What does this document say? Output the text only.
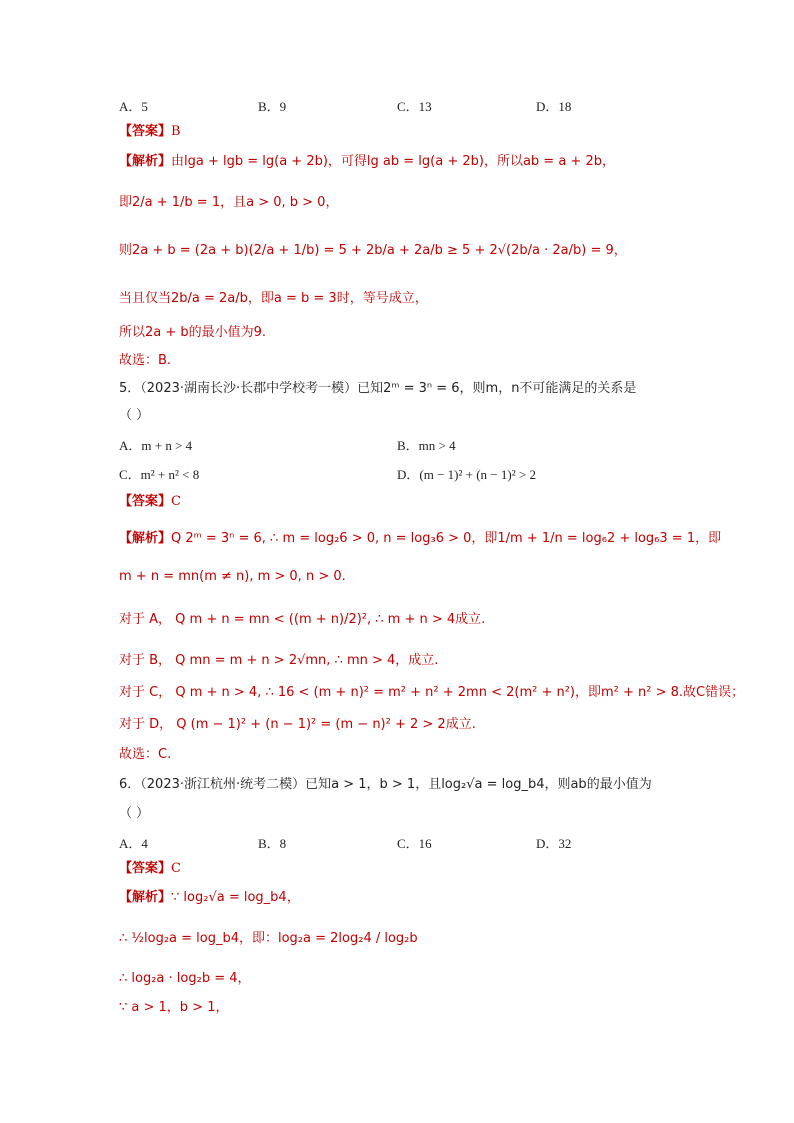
A．5	B．9	C．13	D．18
【答案】B
【解析】由lga + lgb = lg(a + 2b)，可得lg ab = lg(a + 2b)，所以ab = a + 2b，
即2/a + 1/b = 1，且a > 0, b > 0，
则2a + b = (2a + b)(2/a + 1/b) = 5 + 2b/a + 2a/b ≥ 5 + 2√(2b/a · 2a/b) = 9，
当且仅当2b/a = 2a/b，即a = b = 3时，等号成立，
所以2a + b的最小值为9.
故选：B.
5．（2023·湖南长沙·长郡中学校考一模）已知2ᵐ = 3ⁿ = 6，则m，n不可能满足的关系是
（ ）
A．m + n > 4	B．mn > 4
C．m² + n² < 8	D．(m − 1)² + (n − 1)² > 2
【答案】C
【解析】Q 2ᵐ = 3ⁿ = 6, ∴ m = log₂6 > 0, n = log₃6 > 0，即1/m + 1/n = log₆2 + log₆3 = 1，即
m + n = mn(m ≠ n), m > 0, n > 0.
对于 A， Q m + n = mn < ((m + n)/2)², ∴ m + n > 4成立.
对于 B， Q mn = m + n > 2√mn, ∴ mn > 4，成立.
对于 C， Q m + n > 4, ∴ 16 < (m + n)² = m² + n² + 2mn < 2(m² + n²)，即m² + n² > 8.故C错误；
对于 D， Q (m − 1)² + (n − 1)² = (m − n)² + 2 > 2成立.
故选：C.
6．（2023·浙江杭州·统考二模）已知a > 1，b > 1，且log₂√a = log_b4，则ab的最小值为
（ ）
A．4	B．8	C．16	D．32
【答案】C
【解析】∵ log₂√a = log_b4，
∴ ½log₂a = log_b4，即：log₂a = 2log₂4 / log₂b
∴ log₂a · log₂b = 4，
∵ a > 1，b > 1，
